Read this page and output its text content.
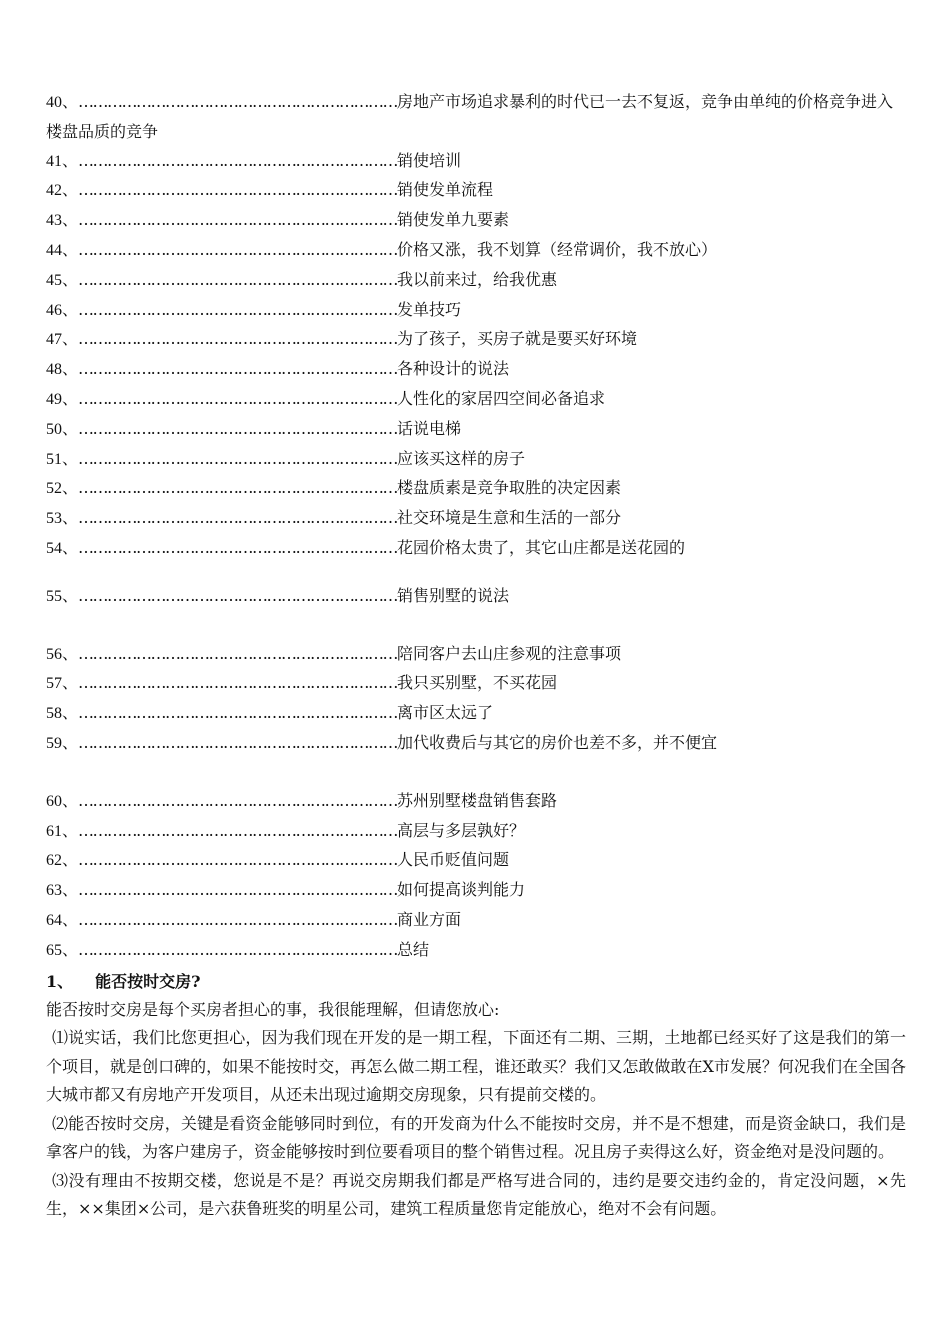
40、…………………………………………………………房地产市场追求暴利的时代已一去不复返，竞争由单纯的价格竞争进入楼盘品质的竞争
41、…………………………………………………………销使培训
42、…………………………………………………………销使发单流程
43、…………………………………………………………销使发单九要素
44、…………………………………………………………价格又涨，我不划算（经常调价，我不放心）
45、…………………………………………………………我以前来过，给我优惠
46、…………………………………………………………发单技巧
47、…………………………………………………………为了孩子，买房子就是要买好环境
48、…………………………………………………………各种设计的说法
49、…………………………………………………………人性化的家居四空间必备追求
50、…………………………………………………………话说电梯
51、…………………………………………………………应该买这样的房子
52、…………………………………………………………楼盘质素是竞争取胜的决定因素
53、…………………………………………………………社交环境是生意和生活的一部分
54、…………………………………………………………花园价格太贵了，其它山庄都是送花园的
55、…………………………………………………………销售别墅的说法
56、…………………………………………………………陪同客户去山庄参观的注意事项
57、…………………………………………………………我只买别墅，不买花园
58、…………………………………………………………离市区太远了
59、…………………………………………………………加代收费后与其它的房价也差不多，并不便宜
60、…………………………………………………………苏州别墅楼盘销售套路
61、…………………………………………………………高层与多层孰好？
62、…………………………………………………………人民币贬值问题
63、…………………………………………………………如何提高谈判能力
64、…………………………………………………………商业方面
65、…………………………………………………………总结
1、 能否按时交房?
能否按时交房是每个买房者担心的事，我很能理解，但请您放心:
⑴说实话，我们比您更担心，因为我们现在开发的是一期工程，下面还有二期、三期，土地都已经买好了这是我们的第一个项目，就是创口碑的，如果不能按时交，再怎么做二期工程，谁还敢买？我们又怎敢做敢在X市发展？何况我们在全国各大城市都又有房地产开发项目，从还未出现过逾期交房现象，只有提前交楼的。
⑵能否按时交房，关键是看资金能够同时到位，有的开发商为什么不能按时交房，并不是不想建，而是资金缺口，我们是拿客户的钱，为客户建房子，资金能够按时到位要看项目的整个销售过程。况且房子卖得这么好，资金绝对是没问题的。
⑶没有理由不按期交楼，您说是不是？再说交房期我们都是严格写进合同的，违约是要交违约金的，肯定没问题，×先生，××集团×公司，是六获鲁班奖的明星公司，建筑工程质量您肯定能放心，绝对不会有问题。
